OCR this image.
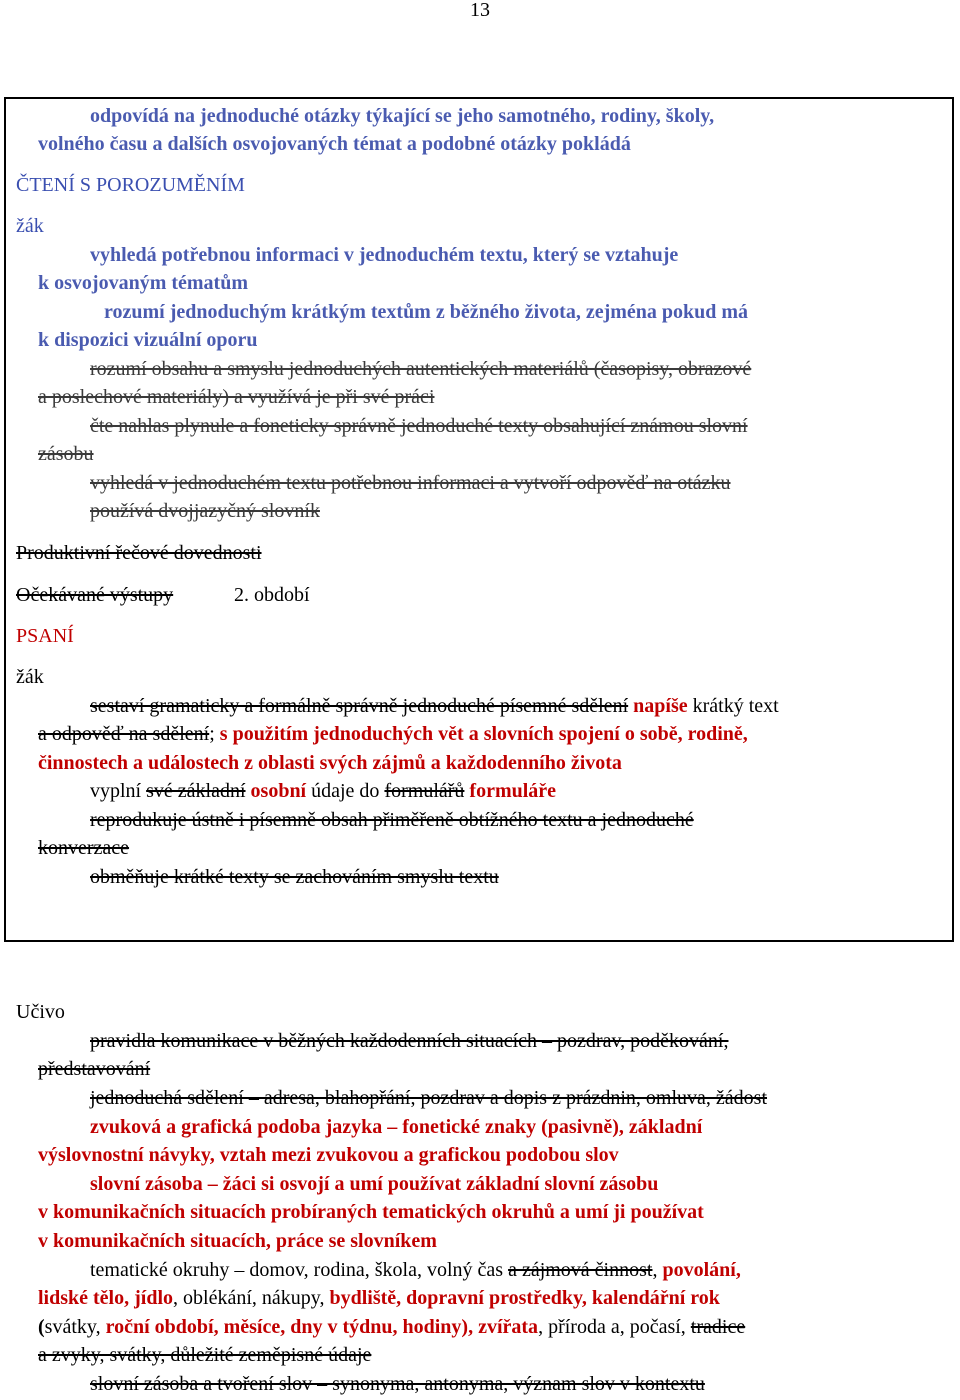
13
odpovídá na jednoduché otázky týkající se jeho samotného, rodiny, školy,
volného času a dalších osvojovaných témat a podobné otázky pokládá
ČTENÍ S POROZUMĚNÍM
žák
vyhledá potřebnou informaci v jednoduchém textu, který se vztahuje
k osvojovaným tématům
rozumí jednoduchým krátkým textům z běžného života, zejména pokud má
k dispozici vizuální oporu
rozumí obsahu a smyslu jednoduchých autentických materiálů (časopisy, obrazové
a poslechové materiály) a využívá je při své práci
čte nahlas plynule a foneticky správně jednoduché texty obsahující známou slovní
zásobu
vyhledá v jednoduchém textu potřebnou informaci a vytvoří odpověď na otázku
používá dvojjazyčný slovník
Produktivní řečové dovednosti
Očekávané výstupy	2. období
PSANÍ
žák
sestaví gramaticky a formálně správně jednoduché písemné sdělení napíše krátký text
a odpověď na sdělení; s použitím jednoduchých vět a slovních spojení o sobě, rodině,
činnostech a událostech z oblasti svých zájmů a každodenního života
vyplní své základní osobní údaje do formulářů formuláře
reprodukuje ústně i písemně obsah přiměřeně obtížného textu a jednoduché
konverzace
obměňuje krátké texty se zachováním smyslu textu
Učivo
pravidla komunikace v běžných každodenních situacích – pozdrav, poděkování,
představování
jednoduchá sdělení – adresa, blahopřání, pozdrav a dopis z prázdnin, omluva, žádost
zvuková a grafická podoba jazyka – fonetické znaky (pasivně), základní
výslovnostní návyky, vztah mezi zvukovou a grafickou podobou slov
slovní zásoba – žáci si osvojí a umí používat základní slovní zásobu
v komunikačních situacích probíraných tematických okruhů a umí ji používat
v komunikačních situacích, práce se slovníkem
tematické okruhy – domov, rodina, škola, volný čas a zájmová činnost, povolání,
lidské tělo, jídlo, oblékání, nákupy, bydliště, dopravní prostředky, kalendářní rok
(svátky, roční období, měsíce, dny v týdnu, hodiny), zvířata, příroda a, počasí, tradice
a zvyky, svátky, důležité zeměpisné údaje
slovní zásoba a tvoření slov – synonyma, antonyma, význam slov v kontextu
